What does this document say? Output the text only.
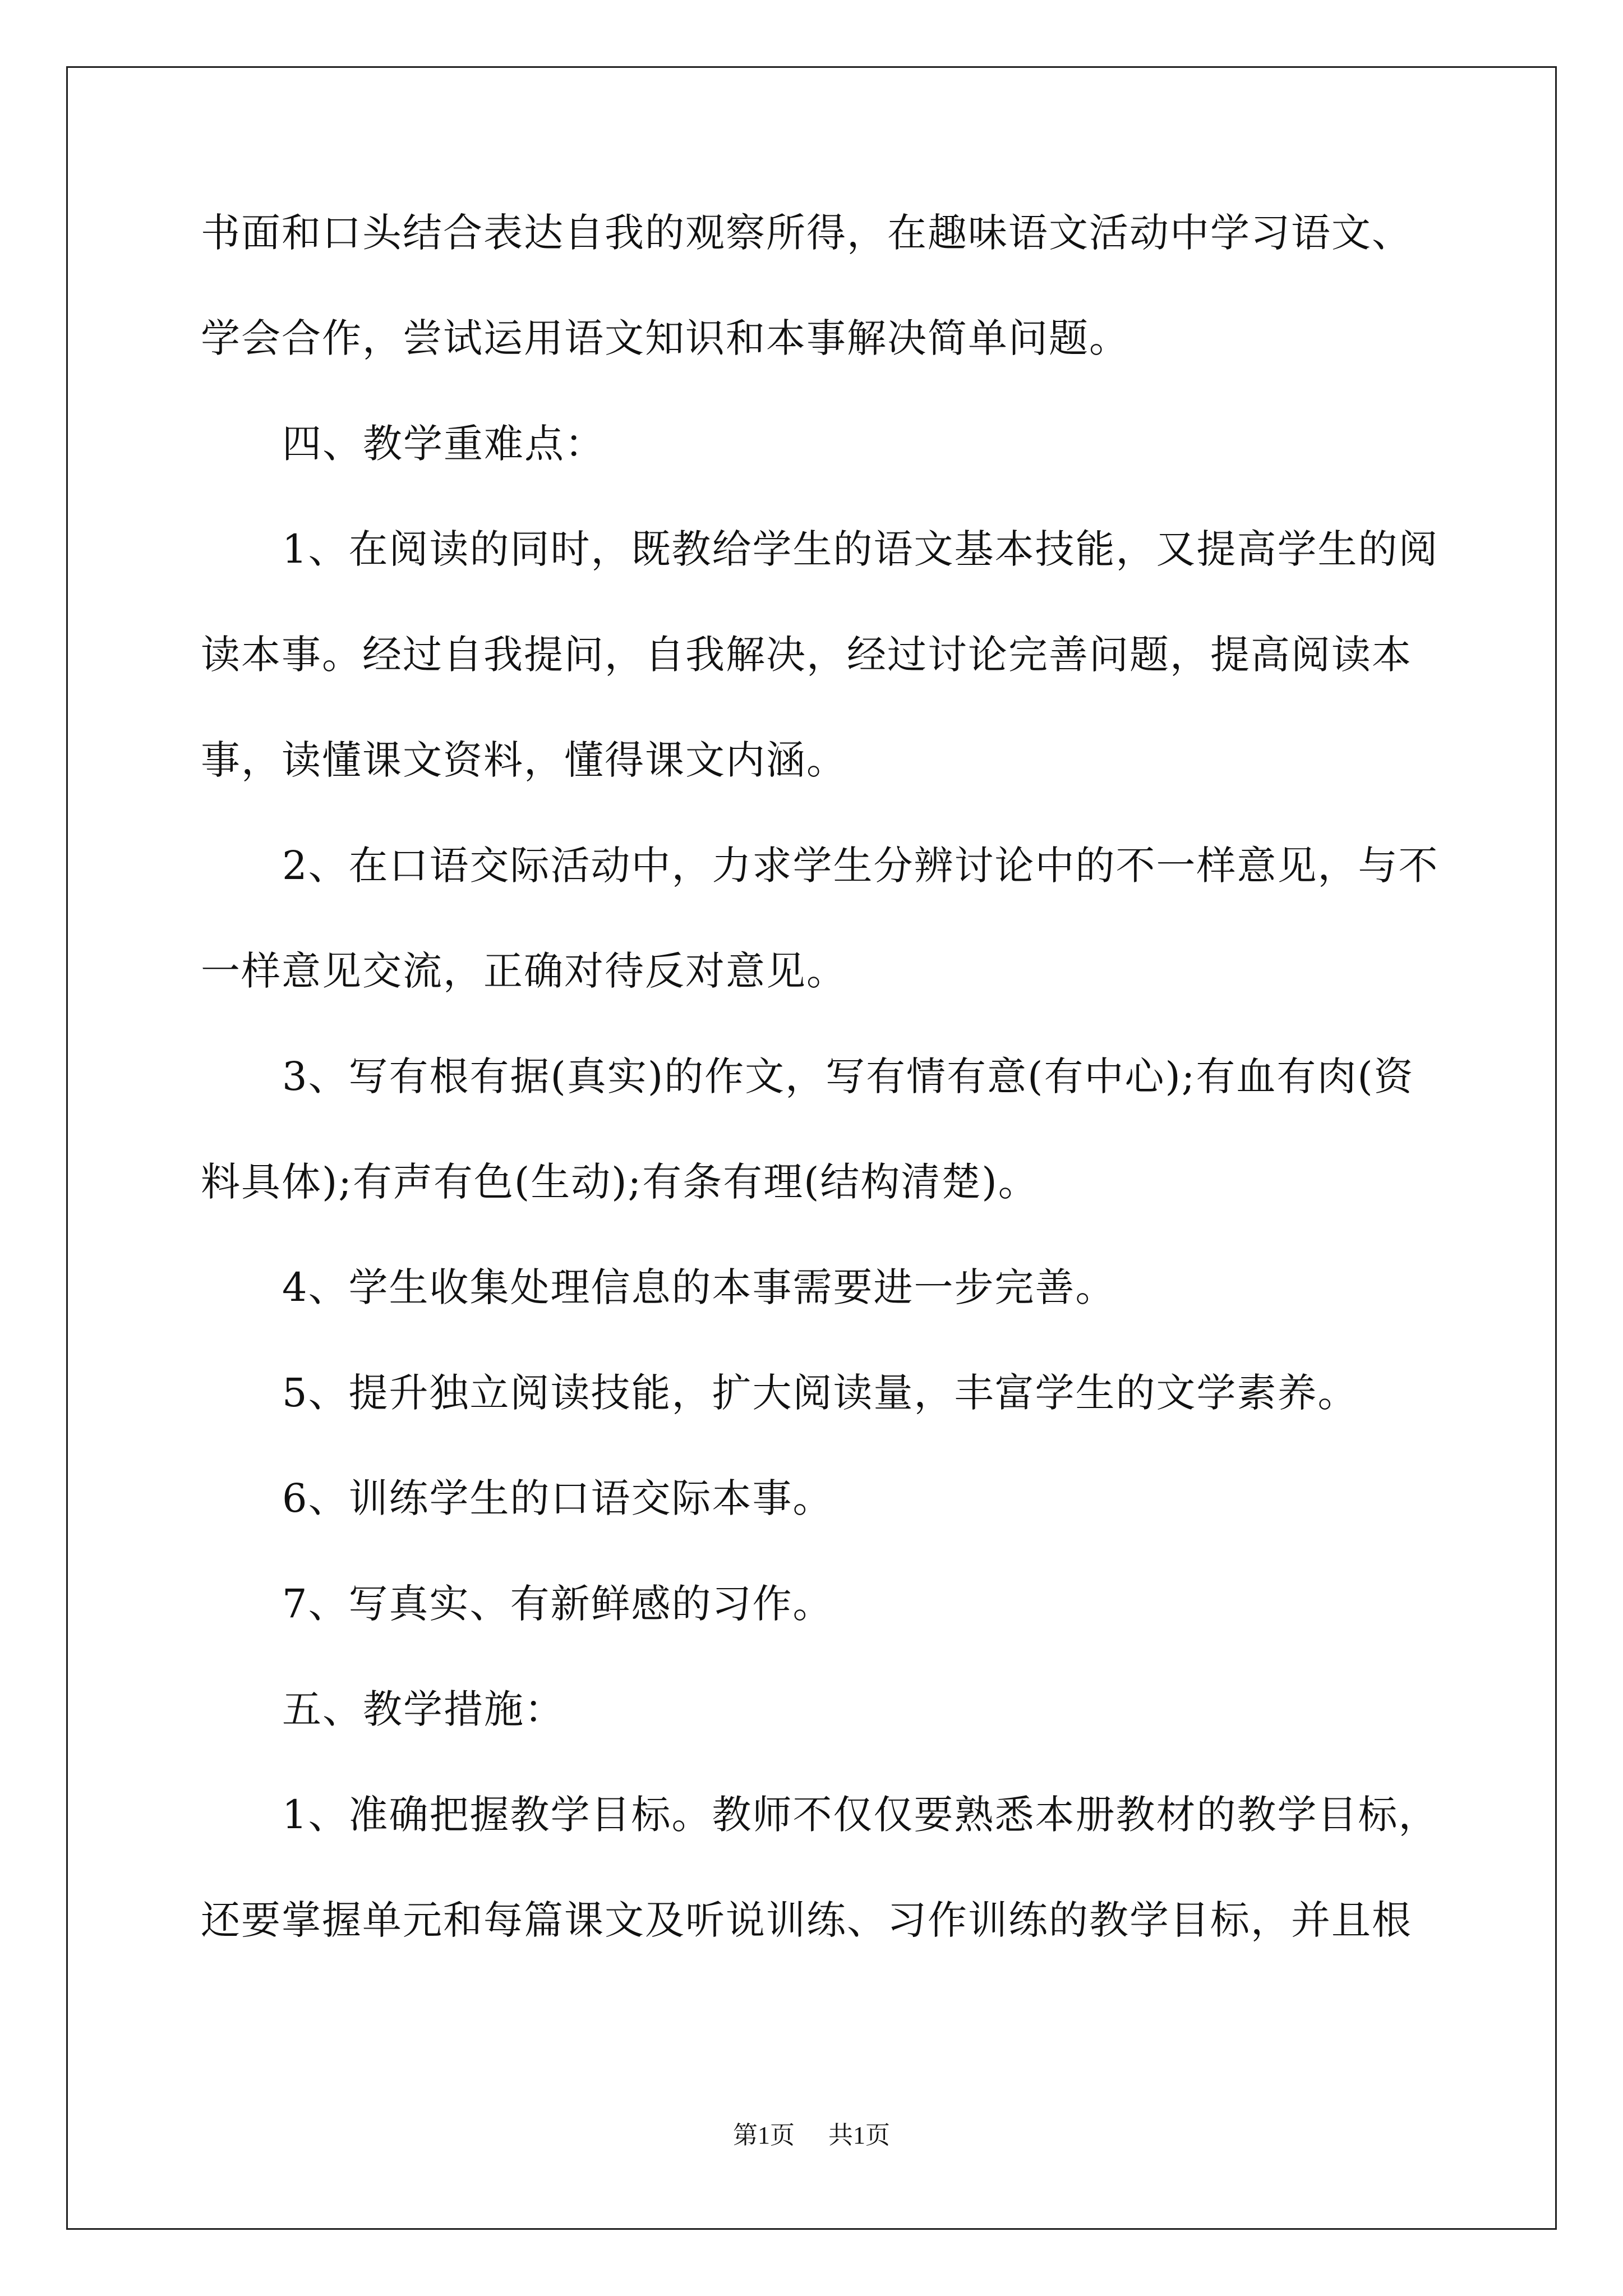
书面和口头结合表达自我的观察所得，在趣味语文活动中学习语文、
学会合作，尝试运用语文知识和本事解决简单问题。
四、教学重难点：
1、在阅读的同时，既教给学生的语文基本技能，又提高学生的阅
读本事。经过自我提问，自我解决，经过讨论完善问题，提高阅读本
事，读懂课文资料，懂得课文内涵。
2、在口语交际活动中，力求学生分辨讨论中的不一样意见，与不
一样意见交流，正确对待反对意见。
3、写有根有据(真实)的作文，写有情有意(有中心);有血有肉(资
料具体);有声有色(生动);有条有理(结构清楚)。
4、学生收集处理信息的本事需要进一步完善。
5、提升独立阅读技能，扩大阅读量，丰富学生的文学素养。
6、训练学生的口语交际本事。
7、写真实、有新鲜感的习作。
五、教学措施：
1、准确把握教学目标。教师不仅仅要熟悉本册教材的教学目标，
还要掌握单元和每篇课文及听说训练、习作训练的教学目标，并且根
第1页 共1页
